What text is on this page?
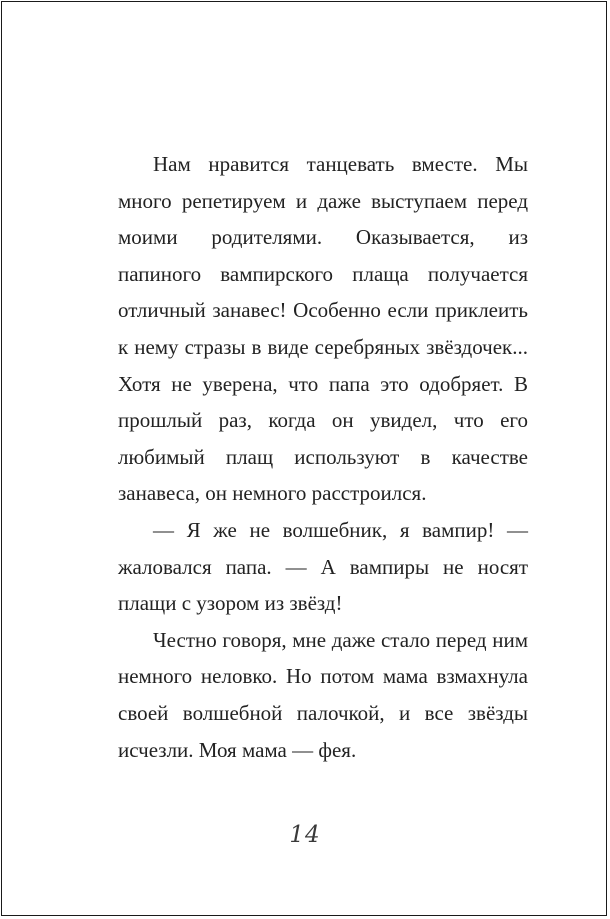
Нам нравится танцевать вместе. Мы много репетируем и даже выступаем перед моими родителями. Оказывается, из папиного вампирского плаща получается отличный занавес! Особенно если приклеить к нему стразы в виде серебряных звёздочек... Хотя не уверена, что папа это одобряет. В прошлый раз, когда он увидел, что его любимый плащ используют в качестве занавеса, он немного расстроился.

— Я же не волшебник, я вампир! — жаловался папа. — А вампиры не носят плащи с узором из звёзд!

Честно говоря, мне даже стало перед ним немного неловко. Но потом мама взмахнула своей волшебной палочкой, и все звёзды исчезли. Моя мама — фея.

14
